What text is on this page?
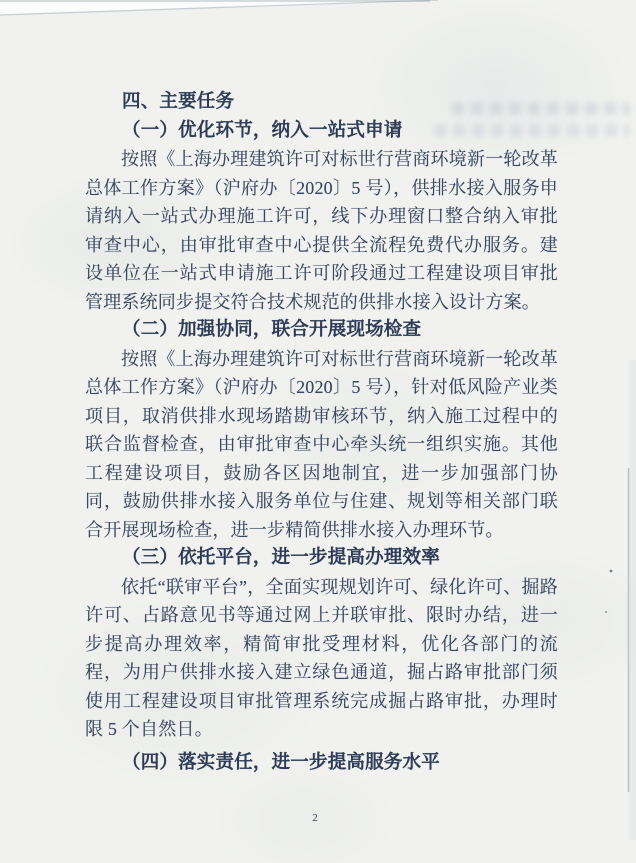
四、主要任务
（一）优化环节，纳入一站式申请

按照《上海办理建筑许可对标世行营商环境新一轮改革总体工作方案》（沪府办〔2020〕5 号），供排水接入服务申请纳入一站式办理施工许可，线下办理窗口整合纳入审批审查中心，由审批审查中心提供全流程免费代办服务。建设单位在一站式申请施工许可阶段通过工程建设项目审批管理系统同步提交符合技术规范的供排水接入设计方案。

（二）加强协同，联合开展现场检查

按照《上海办理建筑许可对标世行营商环境新一轮改革总体工作方案》（沪府办〔2020〕5 号），针对低风险产业类项目，取消供排水现场踏勘审核环节，纳入施工过程中的联合监督检查，由审批审查中心牵头统一组织实施。其他工程建设项目，鼓励各区因地制宜，进一步加强部门协同，鼓励供排水接入服务单位与住建、规划等相关部门联合开展现场检查，进一步精简供排水接入办理环节。

（三）依托平台，进一步提高办理效率

依托“联审平台”，全面实现规划许可、绿化许可、掘路许可、占路意见书等通过网上并联审批、限时办结，进一步提高办理效率，精简审批受理材料，优化各部门的流程，为用户供排水接入建立绿色通道，掘占路审批部门须使用工程建设项目审批管理系统完成掘占路审批，办理时限 5 个自然日。

（四）落实责任，进一步提高服务水平
2
